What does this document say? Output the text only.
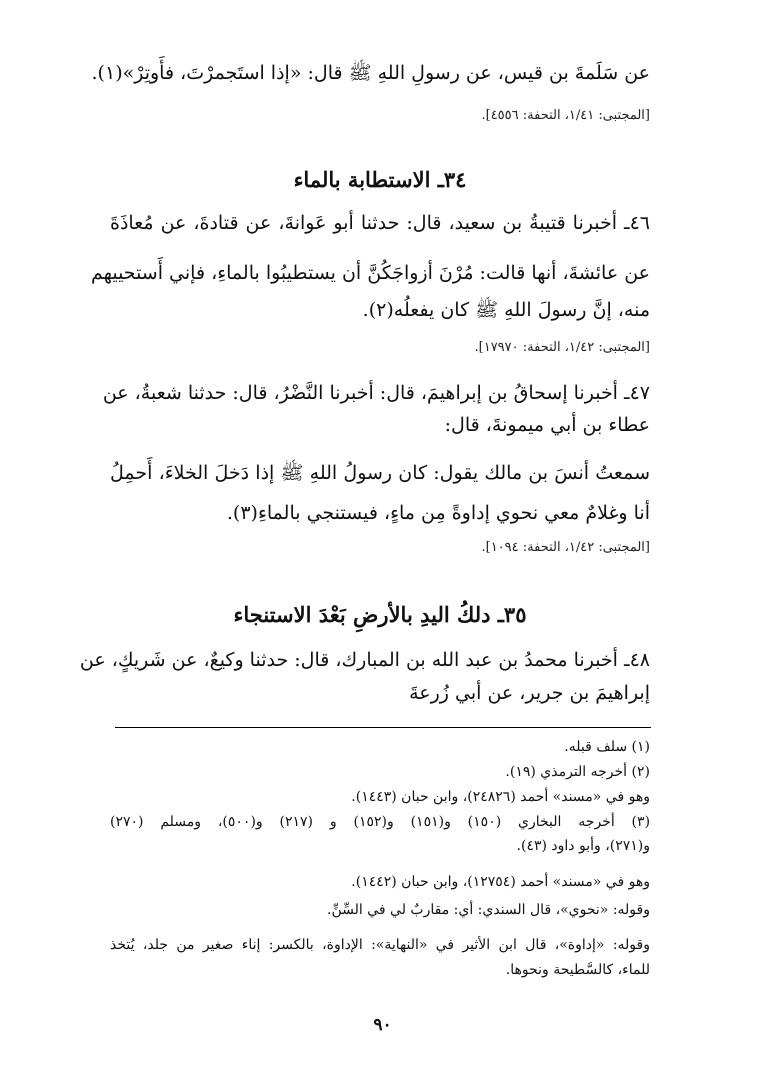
عن سَلَمةَ بن قيس، عن رسولِ اللهِ ﷺ قال: «إذا استَجمرْتَ، فأَوتِرْ»(١).
[المجتبى: ١/٤١، التحفة: ٤٥٥٦].
٣٤ـ الاستطابة بالماء
٤٦ـ أخبرنا قتيبةُ بن سعيد، قال: حدثنا أبو عَوانةَ، عن قتادةَ، عن مُعاذَةَ
عن عائشةَ، أنها قالت: مُرْنَ أزواجَكُنَّ أن يستطيبُوا بالماءِ، فإني أَستحييهم
منه، إنَّ رسولَ اللهِ ﷺ كان يفعلُه(٢).
[المجتبى: ١/٤٢، التحفة: ١٧٩٧٠].
٤٧ـ أخبرنا إسحاقُ بن إبراهيمَ، قال: أخبرنا النَّضْرُ، قال: حدثنا شعبةُ، عن
عطاء بن أبي ميمونةَ، قال:
سمعتُ أنسَ بن مالك يقول: كان رسولُ اللهِ ﷺ إذا دَخلَ الخلاءَ، أَحمِلُ
أنا وغلامٌ معي نحوي إداوةً مِن ماءٍ، فيستنجي بالماءِ(٣).
[المجتبى: ١/٤٢، التحفة: ١٠٩٤].
٣٥ـ دلكُ اليدِ بالأرضِ بَعْدَ الاستنجاء
٤٨ـ أخبرنا محمدُ بن عبد الله بن المبارك، قال: حدثنا وكيعٌ، عن شَريكٍ، عن
إبراهيمَ بن جرير، عن أبي زُرعةَ
(١) سلف قبله.
(٢) أخرجه الترمذي (١٩).
وهو في «مسند» أحمد (٢٤٨٢٦)، وابن حبان (١٤٤٣).
(٣) أخرجه البخاري (١٥٠) و(١٥١) و(١٥٢) و (٢١٧) و(٥٠٠)، ومسلم (٢٧٠)
و(٢٧١)، وأبو داود (٤٣).
وهو في «مسند» أحمد (١٢٧٥٤)، وابن حبان (١٤٤٢).
وقوله: «نحوي»، قال السندي: أي: مقاربٌ لي في السِّنِّ.
وقوله: «إداوة»، قال ابن الأثير في «النهاية»: الإداوة، بالكسر: إناء صغير من جلد، يُتخذ
للماء، كالسَّطيحة ونحوها.
٩٠
